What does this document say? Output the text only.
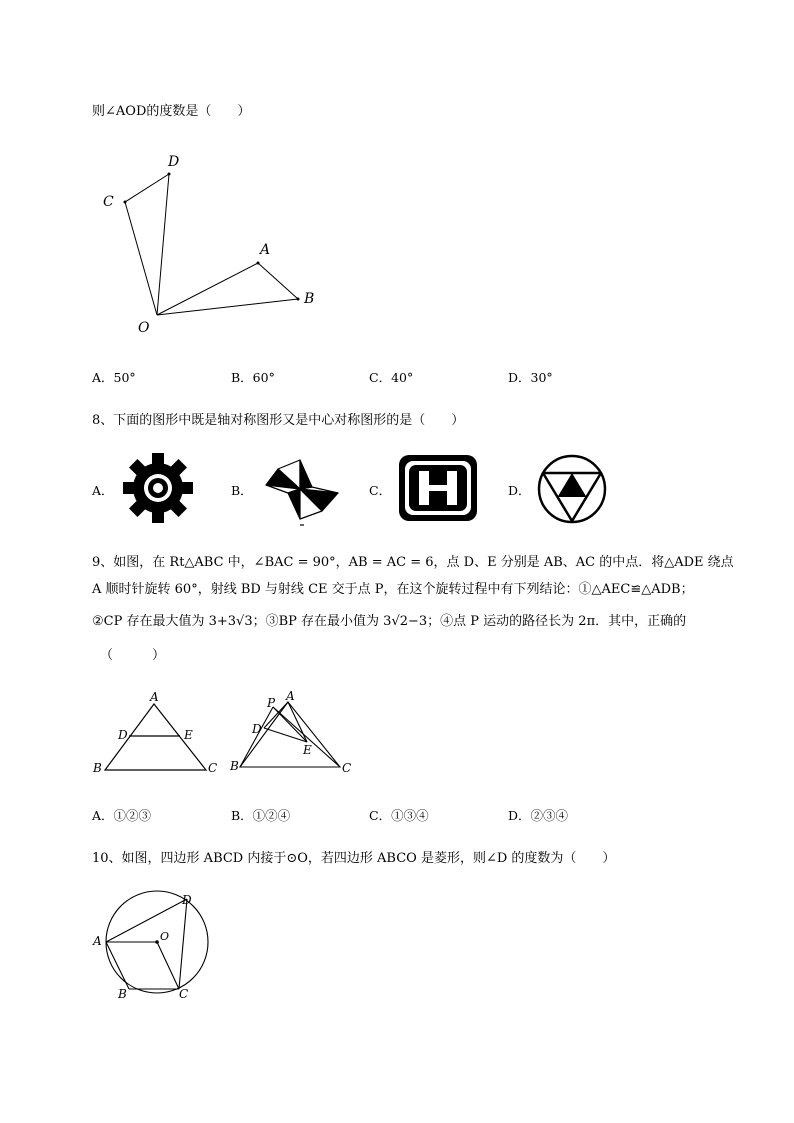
则∠AOD的度数是（　　）
O
D
C
A
B
A．50°	B．60°	C．40°	D．30°
8、下面的图形中既是轴对称图形又是中心对称图形的是（　　）
A．	B．	C．	D．
9、如图，在 Rt△ABC 中，∠BAC = 90°，AB = AC = 6，点 D、E 分别是 AB、AC 的中点．将△ADE 绕点
A 顺时针旋转 60°，射线 BD 与射线 CE 交于点 P，在这个旋转过程中有下列结论：①△AEC≌△ADB；
②CP 存在最大值为 3+3√3；③BP 存在最小值为 3√2−3；④点 P 运动的路径长为 2π．其中，正确的
（　　　）
A
D	E
B	C
A
P
D
E
B	C
A．①②③	B．①②④	C．①③④	D．②③④
10、如图，四边形 ABCD 内接于⊙O，若四边形 ABCO 是菱形，则∠D 的度数为（　　）
O
D
A
B	C
